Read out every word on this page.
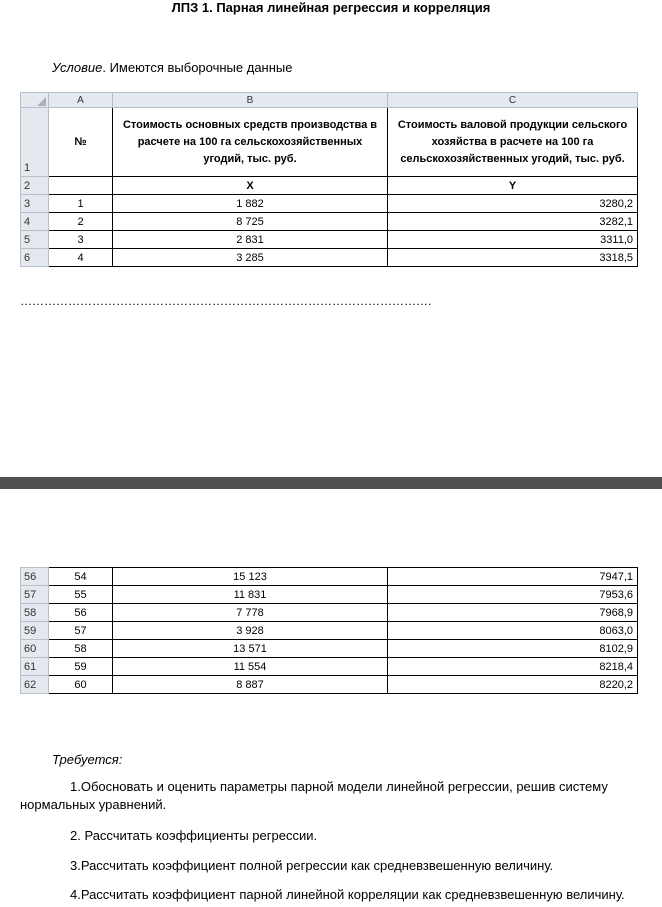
ЛПЗ 1. Парная линейная регрессия и корреляция
Условие. Имеются выборочные данные
	A	B	C
1	№	Стоимость основных средств производства в расчете на 100 га сельскохозяйственных угодий, тыс. руб.	Стоимость валовой продукции сельского хозяйства в расчете на 100 га сельскохозяйственных угодий, тыс. руб.
2		X	Y
3	1	1 882	3280,2
4	2	8 725	3282,1
5	3	2 831	3311,0
6	4	3 285	3318,5
………………………………………………………………………………………….
56	54	15 123	7947,1
57	55	11 831	7953,6
58	56	7 778	7968,9
59	57	3 928	8063,0
60	58	13 571	8102,9
61	59	11 554	8218,4
62	60	8 887	8220,2
Требуется:
1.Обосновать и оценить параметры парной модели линейной регрессии, решив систему
нормальных уравнений.
2. Рассчитать коэффициенты регрессии.
3.Рассчитать коэффициент полной регрессии как средневзвешенную величину.
4.Рассчитать коэффициент парной линейной корреляции как средневзвешенную величину.
